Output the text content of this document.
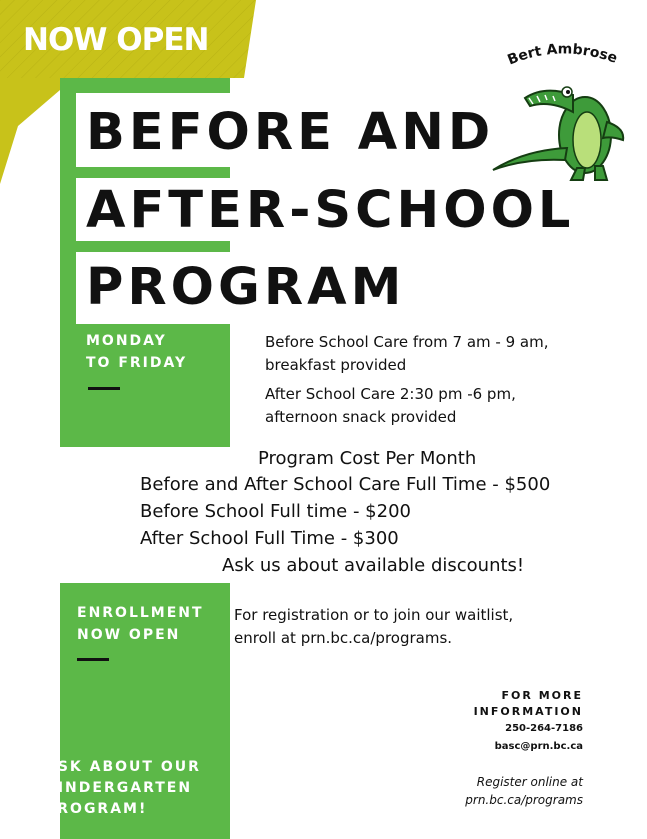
NOW OPEN
Bert Ambrose
BEFORE AND
AFTER-SCHOOL
PROGRAM
MONDAY
TO FRIDAY
Before School Care from 7 am - 9 am,
breakfast provided
After School Care 2:30 pm -6 pm,
afternoon snack provided
Program Cost Per Month
Before and After School Care Full Time - $500
Before School Full time - $200
After School Full Time - $300
Ask us about available discounts!
ENROLLMENT
NOW OPEN
For registration or to join our waitlist,
enroll at prn.bc.ca/programs.
ASK ABOUT OUR
KINDERGARTEN
PROGRAM!
FOR MORE
INFORMATION
250-264-7186
basc@prn.bc.ca
Register online at
prn.bc.ca/programs
